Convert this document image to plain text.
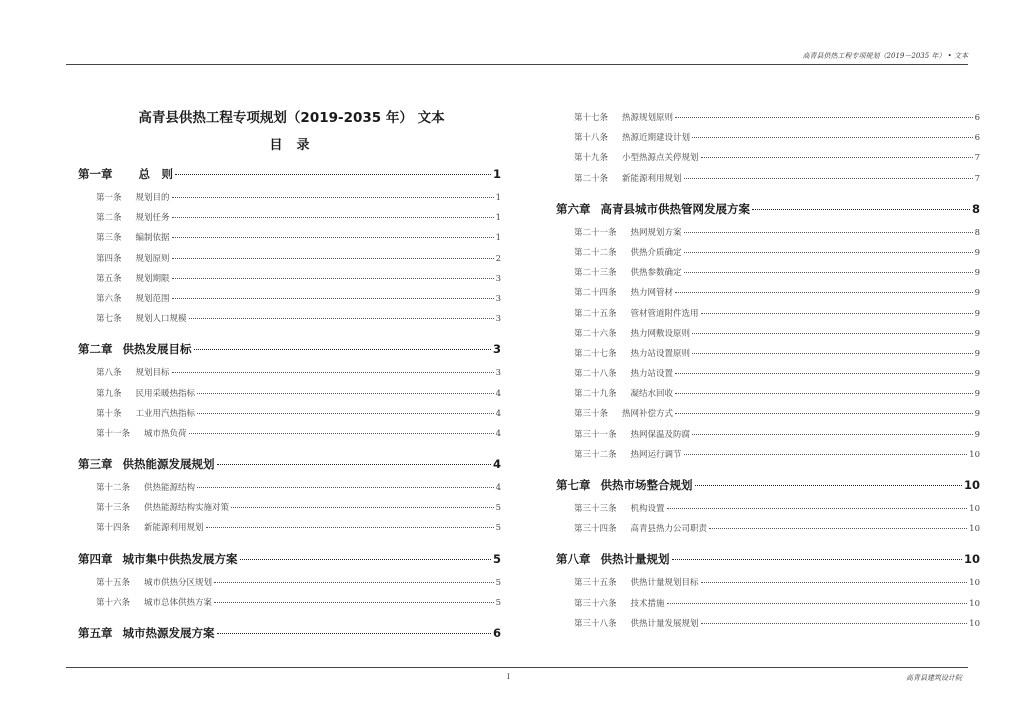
高青县供热工程专项规划（2019－2035 年） • 文本
高青县供热工程专项规划（2019-2035 年） 文本
目录
第一章 总　则	1
第一条 规划目的	1
第二条 规划任务	1
第三条 编制依据	1
第四条 规划原则	2
第五条 规划期限	3
第六条 规划范围	3
第七条 规划人口规模	3
第二章 供热发展目标	3
第八条 规划目标	3
第九条 民用采暖热指标	4
第十条 工业用汽热指标	4
第十一条 城市热负荷	4
第三章 供热能源发展规划	4
第十二条 供热能源结构	4
第十三条 供热能源结构实施对策	5
第十四条 新能源利用规划	5
第四章 城市集中供热发展方案	5
第十五条 城市供热分区规划	5
第十六条 城市总体供热方案	5
第五章 城市热源发展方案	6
第十七条 热源规划原则	6
第十八条 热源近期建设计划	6
第十九条 小型热源点关停规划	7
第二十条 新能源利用规划	7
第六章 高青县城市供热管网发展方案	8
第二十一条 热网规划方案	8
第二十二条 供热介质确定	9
第二十三条 供热参数确定	9
第二十四条 热力网管材	9
第二十五条 管材管道附件选用	9
第二十六条 热力网敷设原则	9
第二十七条 热力站设置原则	9
第二十八条 热力站设置	9
第二十九条 凝结水回收	9
第三十条 热网补偿方式	9
第三十一条 热网保温及防腐	9
第三十二条 热网运行调节	10
第七章 供热市场整合规划	10
第三十三条 机构设置	10
第三十四条 高青县热力公司职责	10
第八章 供热计量规划	10
第三十五条 供热计量规划目标	10
第三十六条 技术措施	10
第三十八条 供热计量发展规划	10
I	高青县建筑设计院
